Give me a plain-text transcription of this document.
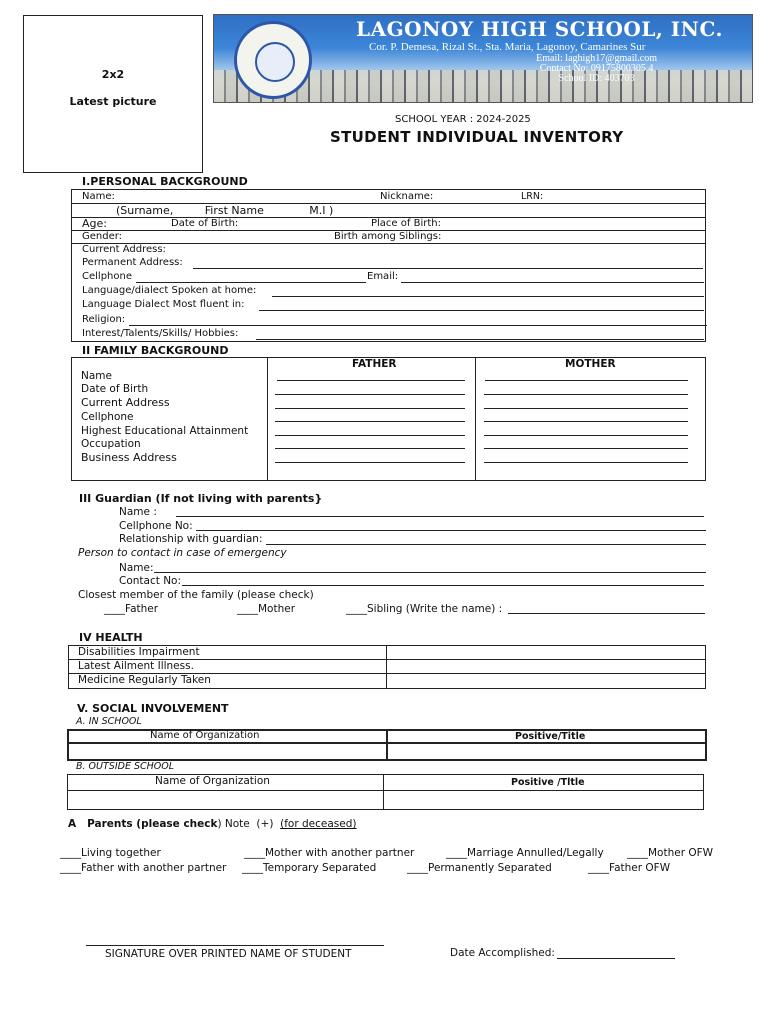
2x2
Latest picture
LAGONOY HIGH SCHOOL, INC.
Cor. P. Demesa, Rizal St., Sta. Maria, Lagonoy, Camarines Sur
Email: laghigh17@gmail.com
Contact No: 09175800305 4
School ID: 403703
SCHOOL YEAR : 2024-2025
STUDENT INDIVIDUAL INVENTORY
I.PERSONAL BACKGROUND
Name:	Nickname:	LRN:
(Surname,         First Name             M.I )
Age:	Date of Birth:	Place of Birth:
Gender:	Birth among Siblings:
Current Address:
Permanent Address:
Cellphone	Email:
Language/dialect Spoken at home:
Language Dialect Most fluent in:
Religion:
Interest/Talents/Skills/ Hobbies:
II FAMILY BACKGROUND
FATHER	MOTHER
Name
Date of Birth
Current Address
Cellphone
Highest Educational Attainment
Occupation
Business Address
III Guardian (If not living with parents}
Name :
Cellphone No:
Relationship with guardian:
Person to contact in case of emergency
Name:
Contact No:
Closest member of the family (please check)
____Father	____Mother	____Sibling (Write the name) :
IV HEALTH
Disabilities Impairment
Latest Ailment Illness.
Medicine Regularly Taken
V. SOCIAL INVOLVEMENT
A. IN SCHOOL
Name of Organization	Positive/Title
B. OUTSIDE SCHOOL
Name of Organization	Positive /Tltle
A   Parents (please check) Note  (+)  (for deceased)
____Living together	____Mother with another partner	____Marriage Annulled/Legally ____Mother OFW
____Father with another partner ____Temporary Separated	____Permanently Separated	____Father OFW
SIGNATURE OVER PRINTED NAME OF STUDENT	Date Accomplished:
